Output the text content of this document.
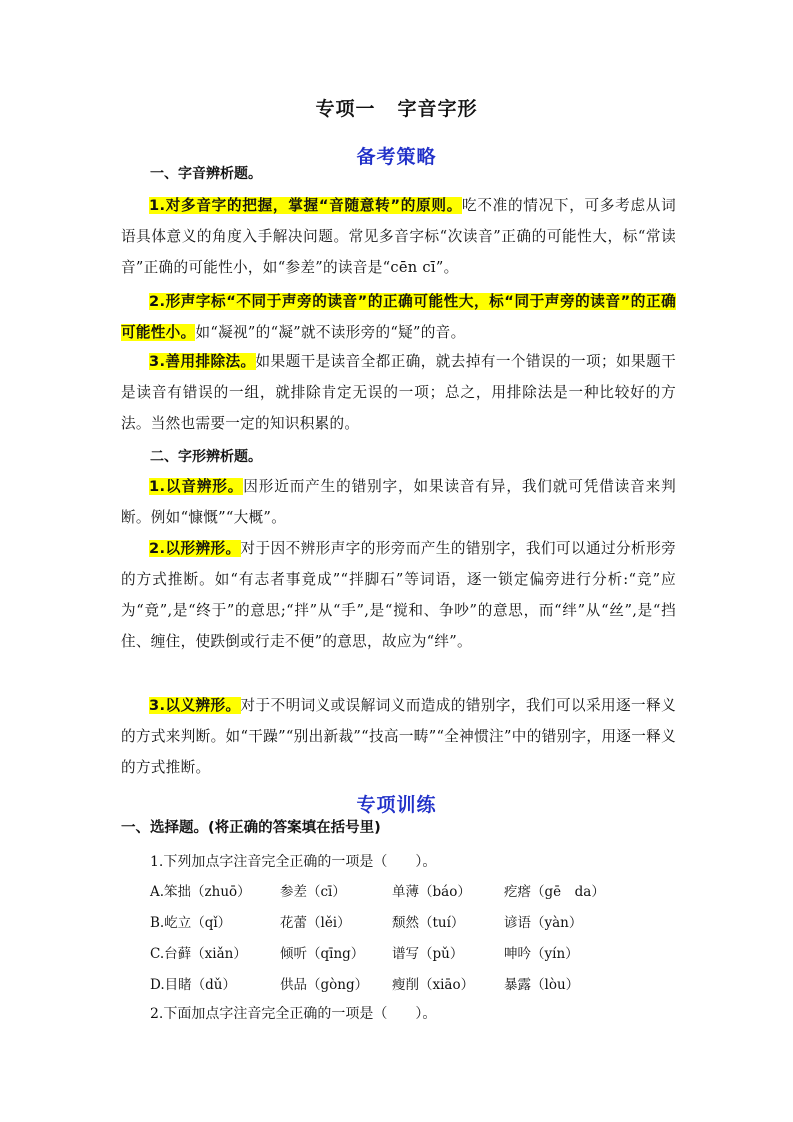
专项一 字音字形
备考策略
一、字音辨析题。
1.对多音字的把握，掌握“音随意转”的原则。吃不准的情况下，可多考虑从词语具体意义的角度入手解决问题。常见多音字标“次读音”正确的可能性大，标“常读音”正确的可能性小，如“参差”的读音是“cēn cī”。
2.形声字标“不同于声旁的读音”的正确可能性大，标“同于声旁的读音”的正确可能性小。如“凝视”的“凝”就不读形旁的“疑”的音。
3.善用排除法。如果题干是读音全都正确，就去掉有一个错误的一项；如果题干是读音有错误的一组，就排除肯定无误的一项；总之，用排除法是一种比较好的方法。当然也需要一定的知识积累的。
二、字形辨析题。
1.以音辨形。因形近而产生的错别字，如果读音有异，我们就可凭借读音来判断。例如“慷慨”“大概”。
2.以形辨形。对于因不辨形声字的形旁而产生的错别字，我们可以通过分析形旁的方式推断。如“有志者事竟成”“拌脚石”等词语，逐一锁定偏旁进行分析:“竞”应为“竟”,是“终于”的意思;“拌”从“手”,是“搅和、争吵”的意思，而“绊”从“丝”,是“挡住、缠住，使跌倒或行走不便”的意思，故应为“绊”。
3.以义辨形。对于不明词义或误解词义而造成的错别字，我们可以采用逐一释义的方式来判断。如“干躁”“别出新裁”“技高一畴”“全神惯注”中的错别字，用逐一释义的方式推断。
专项训练
一、选择题。(将正确的答案填在括号里)
1.下列加点字注音完全正确的一项是（　　）。
A.笨拙（zhuō） 参差（cī）	单薄（báo） 疙瘩（gē　da）
B.屹立（qǐ）	花蕾（lěi）	颓然（tuí）	谚语（yàn）
C.台藓（xiǎn） 倾听（qīng） 谱写（pǔ）	呻吟（yín）
D.目睹（dǔ）	供品（gòng） 瘦削（xiāo） 暴露（lòu）
2.下面加点字注音完全正确的一项是（　　）。
